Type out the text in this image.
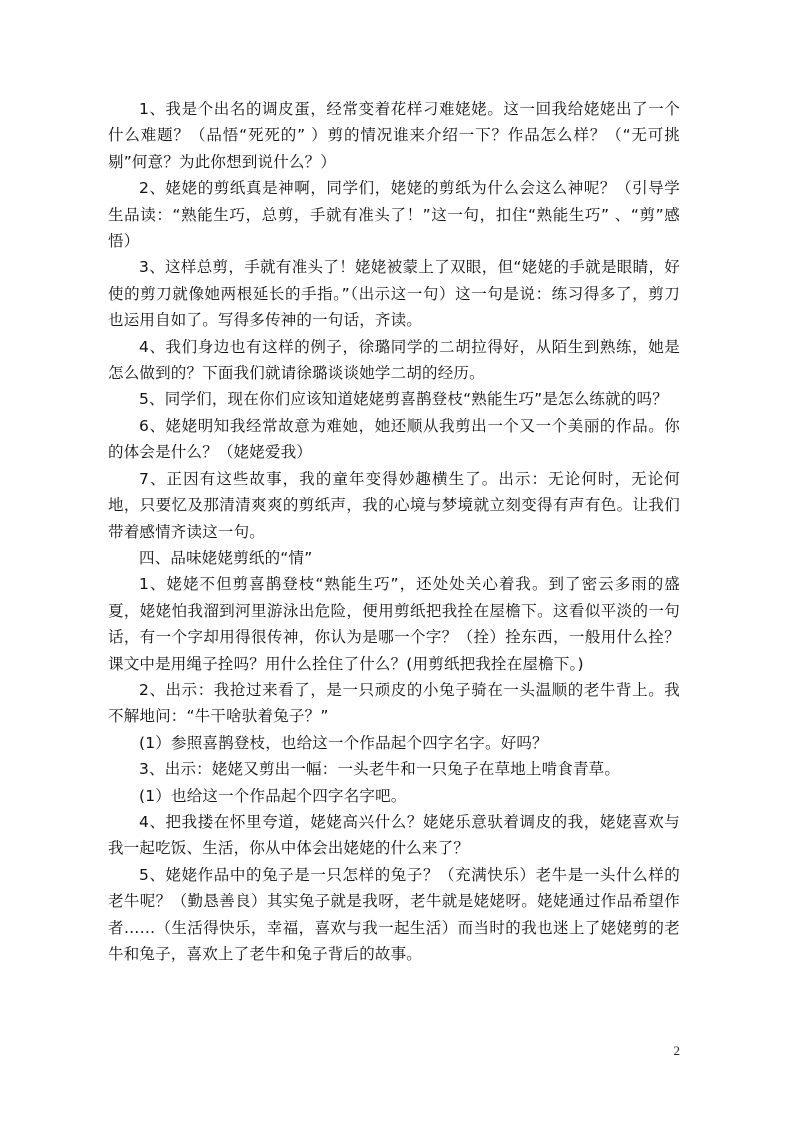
1、我是个出名的调皮蛋，经常变着花样刁难姥姥。这一回我给姥姥出了一个什么难题？（品悟“死死的” ）剪的情况谁来介绍一下？作品怎么样？（“无可挑剔”何意？为此你想到说什么？）

2、姥姥的剪纸真是神啊，同学们，姥姥的剪纸为什么会这么神呢？（引导学生品读：“熟能生巧，总剪，手就有准头了！”这一句，扣住“熟能生巧” 、“剪”感悟）

3、这样总剪，手就有准头了！姥姥被蒙上了双眼，但“姥姥的手就是眼睛，好使的剪刀就像她两根延长的手指。”（出示这一句）这一句是说：练习得多了，剪刀也运用自如了。写得多传神的一句话，齐读。

4、我们身边也有这样的例子，徐璐同学的二胡拉得好，从陌生到熟练，她是怎么做到的？下面我们就请徐璐谈谈她学二胡的经历。

5、同学们，现在你们应该知道姥姥剪喜鹊登枝“熟能生巧”是怎么练就的吗？

6、姥姥明知我经常故意为难她，她还顺从我剪出一个又一个美丽的作品。你的体会是什么？（姥姥爱我）

7、正因有这些故事，我的童年变得妙趣横生了。出示：无论何时，无论何地，只要忆及那清清爽爽的剪纸声，我的心境与梦境就立刻变得有声有色。让我们带着感情齐读这一句。

四、品味姥姥剪纸的“情”

1、姥姥不但剪喜鹊登枝“熟能生巧”，还处处关心着我。到了密云多雨的盛夏，姥姥怕我溜到河里游泳出危险，便用剪纸把我拴在屋檐下。这看似平淡的一句话，有一个字却用得很传神，你认为是哪一个字？（拴）拴东西，一般用什么拴？课文中是用绳子拴吗？用什么拴住了什么？(用剪纸把我拴在屋檐下。)

2、出示：我抢过来看了，是一只顽皮的小兔子骑在一头温顺的老牛背上。我不解地问：“牛干啥驮着兔子？”

(1）参照喜鹊登枝，也给这一个作品起个四字名字。好吗？

3、出示：姥姥又剪出一幅：一头老牛和一只兔子在草地上啃食青草。

(1）也给这一个作品起个四字名字吧。

4、把我搂在怀里夸道，姥姥高兴什么？姥姥乐意驮着调皮的我，姥姥喜欢与我一起吃饭、生活，你从中体会出姥姥的什么来了？

5、姥姥作品中的兔子是一只怎样的兔子？（充满快乐）老牛是一头什么样的老牛呢？（勤恳善良）其实兔子就是我呀，老牛就是姥姥呀。姥姥通过作品希望作者……（生活得快乐，幸福，喜欢与我一起生活）而当时的我也迷上了姥姥剪的老牛和兔子，喜欢上了老牛和兔子背后的故事。

2
